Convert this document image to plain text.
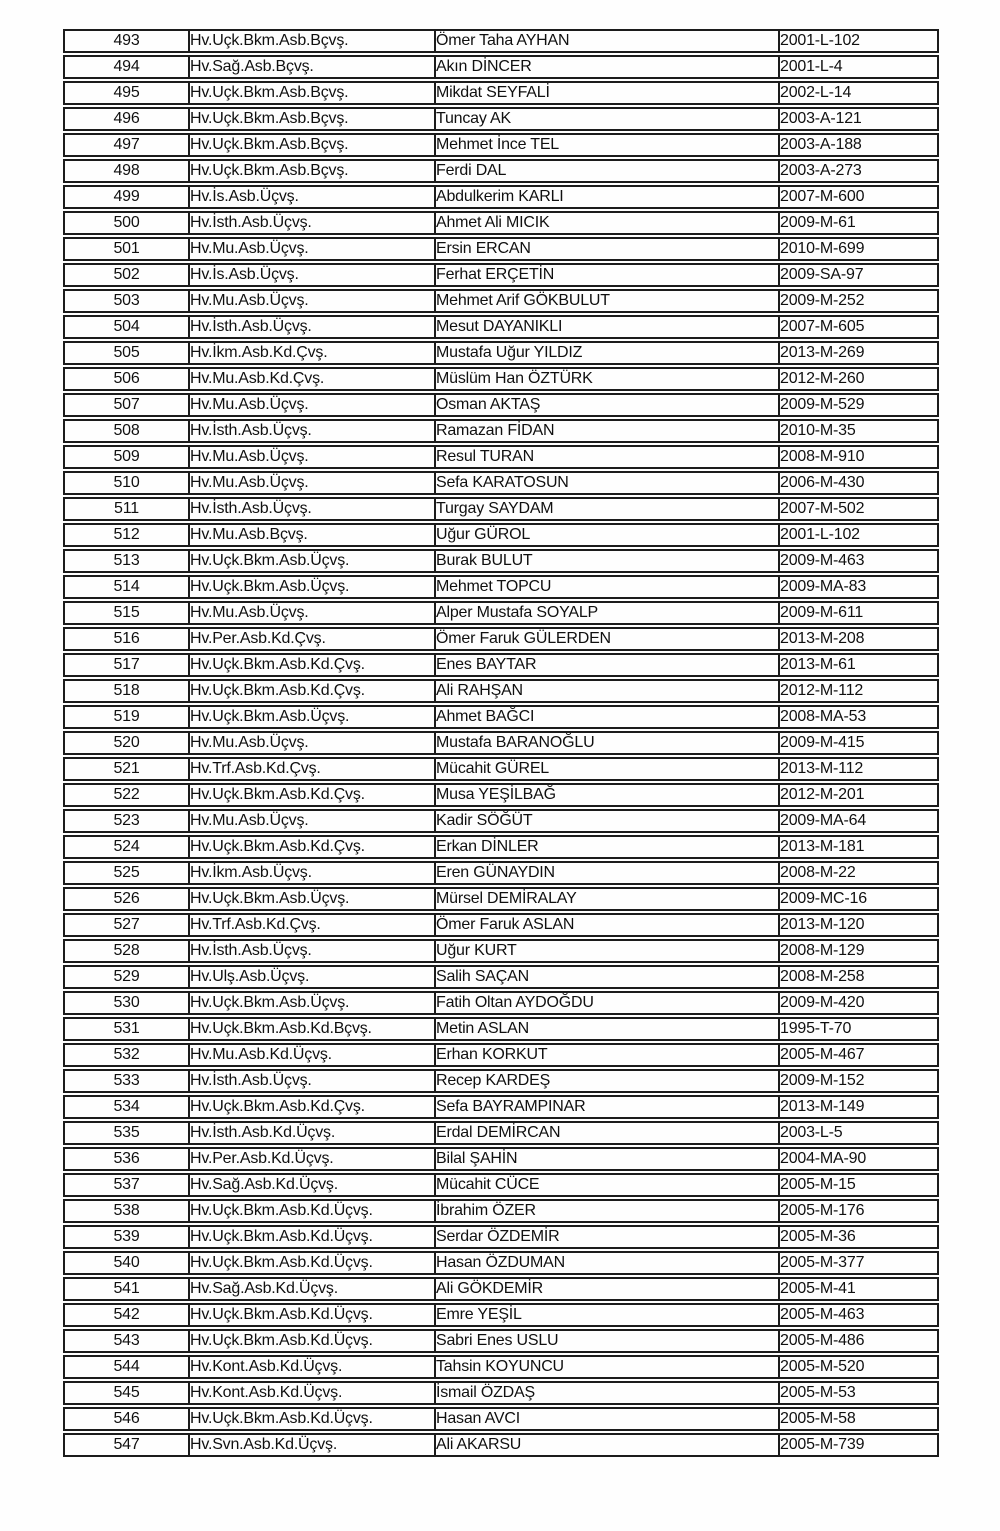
493	Hv.Uçk.Bkm.Asb.Bçvş.	Ömer Taha AYHAN	2001-L-102
494	Hv.Sağ.Asb.Bçvş.	Akın DİNCER	2001-L-4
495	Hv.Uçk.Bkm.Asb.Bçvş.	Mikdat SEYFALİ	2002-L-14
496	Hv.Uçk.Bkm.Asb.Bçvş.	Tuncay AK	2003-A-121
497	Hv.Uçk.Bkm.Asb.Bçvş.	Mehmet İnce TEL	2003-A-188
498	Hv.Uçk.Bkm.Asb.Bçvş.	Ferdi DAL	2003-A-273
499	Hv.İs.Asb.Üçvş.	Abdulkerim KARLI	2007-M-600
500	Hv.İsth.Asb.Üçvş.	Ahmet Ali MICIK	2009-M-61
501	Hv.Mu.Asb.Üçvş.	Ersin ERCAN	2010-M-699
502	Hv.İs.Asb.Üçvş.	Ferhat ERÇETİN	2009-SA-97
503	Hv.Mu.Asb.Üçvş.	Mehmet Arif GÖKBULUT	2009-M-252
504	Hv.İsth.Asb.Üçvş.	Mesut DAYANIKLI	2007-M-605
505	Hv.İkm.Asb.Kd.Çvş.	Mustafa Uğur YILDIZ	2013-M-269
506	Hv.Mu.Asb.Kd.Çvş.	Müslüm Han ÖZTÜRK	2012-M-260
507	Hv.Mu.Asb.Üçvş.	Osman AKTAŞ	2009-M-529
508	Hv.İsth.Asb.Üçvş.	Ramazan FİDAN	2010-M-35
509	Hv.Mu.Asb.Üçvş.	Resul TURAN	2008-M-910
510	Hv.Mu.Asb.Üçvş.	Sefa KARATOSUN	2006-M-430
511	Hv.İsth.Asb.Üçvş.	Turgay SAYDAM	2007-M-502
512	Hv.Mu.Asb.Bçvş.	Uğur GÜROL	2001-L-102
513	Hv.Uçk.Bkm.Asb.Üçvş.	Burak BULUT	2009-M-463
514	Hv.Uçk.Bkm.Asb.Üçvş.	Mehmet TOPCU	2009-MA-83
515	Hv.Mu.Asb.Üçvş.	Alper Mustafa SOYALP	2009-M-611
516	Hv.Per.Asb.Kd.Çvş.	Ömer Faruk GÜLERDEN	2013-M-208
517	Hv.Uçk.Bkm.Asb.Kd.Çvş.	Enes BAYTAR	2013-M-61
518	Hv.Uçk.Bkm.Asb.Kd.Çvş.	Ali RAHŞAN	2012-M-112
519	Hv.Uçk.Bkm.Asb.Üçvş.	Ahmet BAĞCI	2008-MA-53
520	Hv.Mu.Asb.Üçvş.	Mustafa BARANOĞLU	2009-M-415
521	Hv.Trf.Asb.Kd.Çvş.	Mücahit GÜREL	2013-M-112
522	Hv.Uçk.Bkm.Asb.Kd.Çvş.	Musa YEŞİLBAĞ	2012-M-201
523	Hv.Mu.Asb.Üçvş.	Kadir SÖĞÜT	2009-MA-64
524	Hv.Uçk.Bkm.Asb.Kd.Çvş.	Erkan DİNLER	2013-M-181
525	Hv.İkm.Asb.Üçvş.	Eren GÜNAYDIN	2008-M-22
526	Hv.Uçk.Bkm.Asb.Üçvş.	Mürsel DEMİRALAY	2009-MC-16
527	Hv.Trf.Asb.Kd.Çvş.	Ömer Faruk ASLAN	2013-M-120
528	Hv.İsth.Asb.Üçvş.	Uğur KURT	2008-M-129
529	Hv.Ulş.Asb.Üçvş.	Salih SAÇAN	2008-M-258
530	Hv.Uçk.Bkm.Asb.Üçvş.	Fatih Oltan AYDOĞDU	2009-M-420
531	Hv.Uçk.Bkm.Asb.Kd.Bçvş.	Metin ASLAN	1995-T-70
532	Hv.Mu.Asb.Kd.Üçvş.	Erhan KORKUT	2005-M-467
533	Hv.İsth.Asb.Üçvş.	Recep KARDEŞ	2009-M-152
534	Hv.Uçk.Bkm.Asb.Kd.Çvş.	Sefa BAYRAMPINAR	2013-M-149
535	Hv.İsth.Asb.Kd.Üçvş.	Erdal DEMİRCAN	2003-L-5
536	Hv.Per.Asb.Kd.Üçvş.	Bilal ŞAHİN	2004-MA-90
537	Hv.Sağ.Asb.Kd.Üçvş.	Mücahit CÜCE	2005-M-15
538	Hv.Uçk.Bkm.Asb.Kd.Üçvş.	İbrahim ÖZER	2005-M-176
539	Hv.Uçk.Bkm.Asb.Kd.Üçvş.	Serdar ÖZDEMİR	2005-M-36
540	Hv.Uçk.Bkm.Asb.Kd.Üçvş.	Hasan ÖZDUMAN	2005-M-377
541	Hv.Sağ.Asb.Kd.Üçvş.	Ali GÖKDEMİR	2005-M-41
542	Hv.Uçk.Bkm.Asb.Kd.Üçvş.	Emre YEŞİL	2005-M-463
543	Hv.Uçk.Bkm.Asb.Kd.Üçvş.	Sabri Enes USLU	2005-M-486
544	Hv.Kont.Asb.Kd.Üçvş.	Tahsin KOYUNCU	2005-M-520
545	Hv.Kont.Asb.Kd.Üçvş.	İsmail ÖZDAŞ	2005-M-53
546	Hv.Uçk.Bkm.Asb.Kd.Üçvş.	Hasan AVCI	2005-M-58
547	Hv.Svn.Asb.Kd.Üçvş.	Ali AKARSU	2005-M-739
